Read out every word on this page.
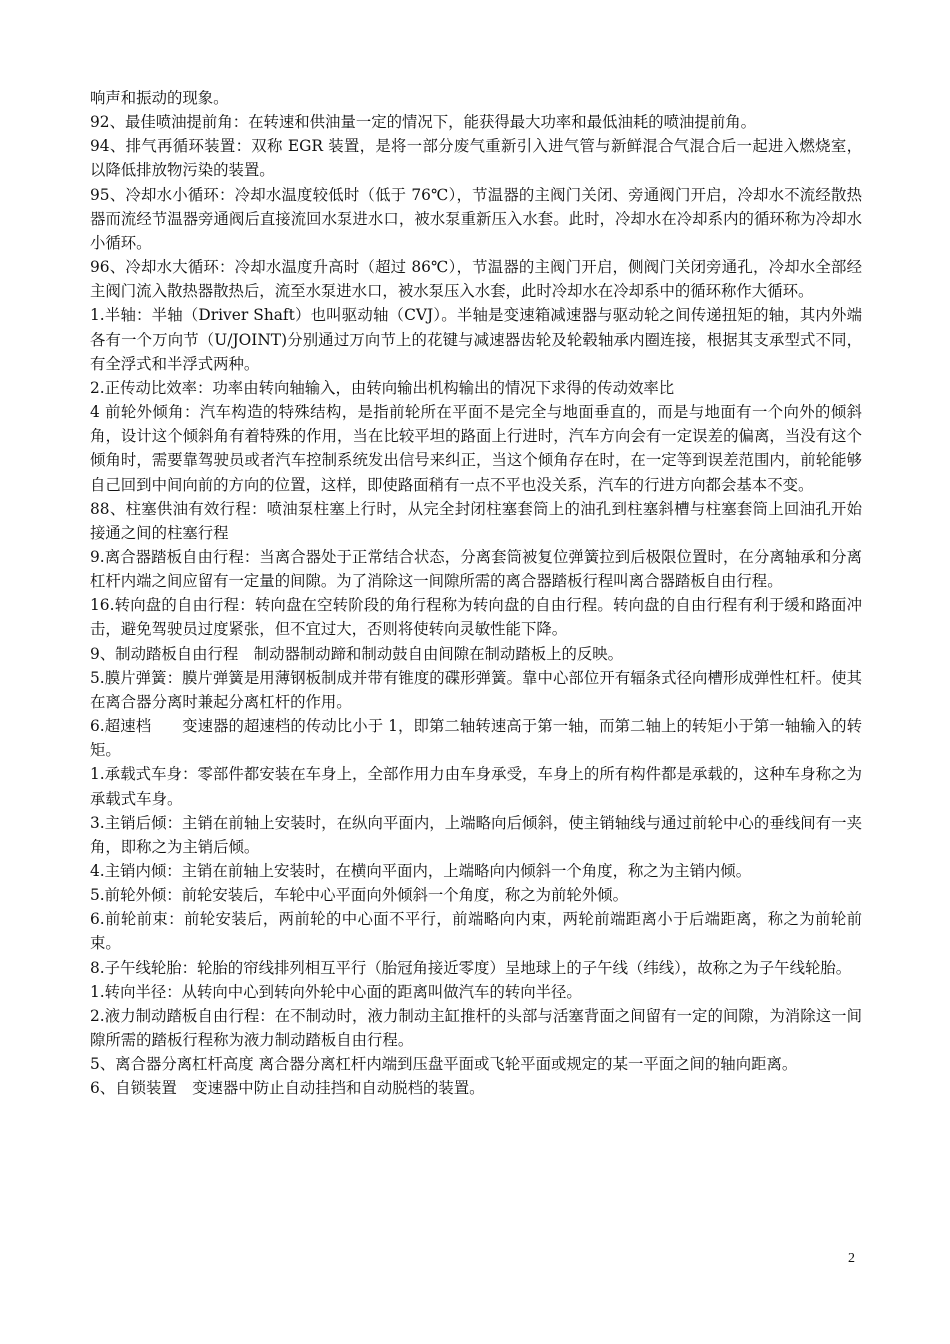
响声和振动的现象。

92、最佳喷油提前角：在转速和供油量一定的情况下，能获得最大功率和最低油耗的喷油提前角。

94、排气再循环装置：双称 EGR 装置，是将一部分废气重新引入进气管与新鲜混合气混合后一起进入燃烧室，以降低排放物污染的装置。

95、冷却水小循环：冷却水温度较低时（低于 76℃），节温器的主阀门关闭、旁通阀门开启，冷却水不流经散热器而流经节温器旁通阀后直接流回水泵进水口，被水泵重新压入水套。此时，冷却水在冷却系内的循环称为冷却水小循环。

96、冷却水大循环：冷却水温度升高时（超过 86℃），节温器的主阀门开启，侧阀门关闭旁通孔，冷却水全部经主阀门流入散热器散热后，流至水泵进水口，被水泵压入水套，此时冷却水在冷却系中的循环称作大循环。

1.半轴：半轴（Driver Shaft）也叫驱动轴（CVJ）。半轴是变速箱减速器与驱动轮之间传递扭矩的轴，其内外端各有一个万向节（U/JOINT)分别通过万向节上的花键与减速器齿轮及轮毂轴承内圈连接，根据其支承型式不同，有全浮式和半浮式两种。

2.正传动比效率：功率由转向轴输入，由转向输出机构输出的情况下求得的传动效率比

4 前轮外倾角：汽车构造的特殊结构，是指前轮所在平面不是完全与地面垂直的，而是与地面有一个向外的倾斜角，设计这个倾斜角有着特殊的作用，当在比较平坦的路面上行进时，汽车方向会有一定误差的偏离，当没有这个倾角时，需要靠驾驶员或者汽车控制系统发出信号来纠正，当这个倾角存在时，在一定等到误差范围内，前轮能够自己回到中间向前的方向的位置，这样，即使路面稍有一点不平也没关系，汽车的行进方向都会基本不变。

88、柱塞供油有效行程：喷油泵柱塞上行时，从完全封闭柱塞套筒上的油孔到柱塞斜槽与柱塞套筒上回油孔开始接通之间的柱塞行程

9.离合器踏板自由行程：当离合器处于正常结合状态，分离套筒被复位弹簧拉到后极限位置时，在分离轴承和分离杠杆内端之间应留有一定量的间隙。为了消除这一间隙所需的离合器踏板行程叫离合器踏板自由行程。

16.转向盘的自由行程：转向盘在空转阶段的角行程称为转向盘的自由行程。转向盘的自由行程有利于缓和路面冲击，避免驾驶员过度紧张，但不宜过大，否则将使转向灵敏性能下降。

9、制动踏板自由行程　制动器制动蹄和制动鼓自由间隙在制动踏板上的反映。

5.膜片弹簧：膜片弹簧是用薄钢板制成并带有锥度的碟形弹簧。靠中心部位开有辐条式径向槽形成弹性杠杆。使其在离合器分离时兼起分离杠杆的作用。

6.超速档　　变速器的超速档的传动比小于 1，即第二轴转速高于第一轴，而第二轴上的转矩小于第一轴输入的转矩。

1.承载式车身：零部件都安装在车身上，全部作用力由车身承受，车身上的所有构件都是承载的，这种车身称之为承载式车身。

3.主销后倾：主销在前轴上安装时，在纵向平面内，上端略向后倾斜，使主销轴线与通过前轮中心的垂线间有一夹角，即称之为主销后倾。

4.主销内倾：主销在前轴上安装时，在横向平面内，上端略向内倾斜一个角度，称之为主销内倾。

5.前轮外倾：前轮安装后，车轮中心平面向外倾斜一个角度，称之为前轮外倾。

6.前轮前束：前轮安装后，两前轮的中心面不平行，前端略向内束，两轮前端距离小于后端距离，称之为前轮前束。

8.子午线轮胎：轮胎的帘线排列相互平行（胎冠角接近零度）呈地球上的子午线（纬线），故称之为子午线轮胎。

1.转向半径：从转向中心到转向外轮中心面的距离叫做汽车的转向半径。

2.液力制动踏板自由行程：在不制动时，液力制动主缸推杆的头部与活塞背面之间留有一定的间隙，为消除这一间隙所需的踏板行程称为液力制动踏板自由行程。

5、离合器分离杠杆高度 离合器分离杠杆内端到压盘平面或飞轮平面或规定的某一平面之间的轴向距离。

6、自锁装置　变速器中防止自动挂挡和自动脱档的装置。

2
